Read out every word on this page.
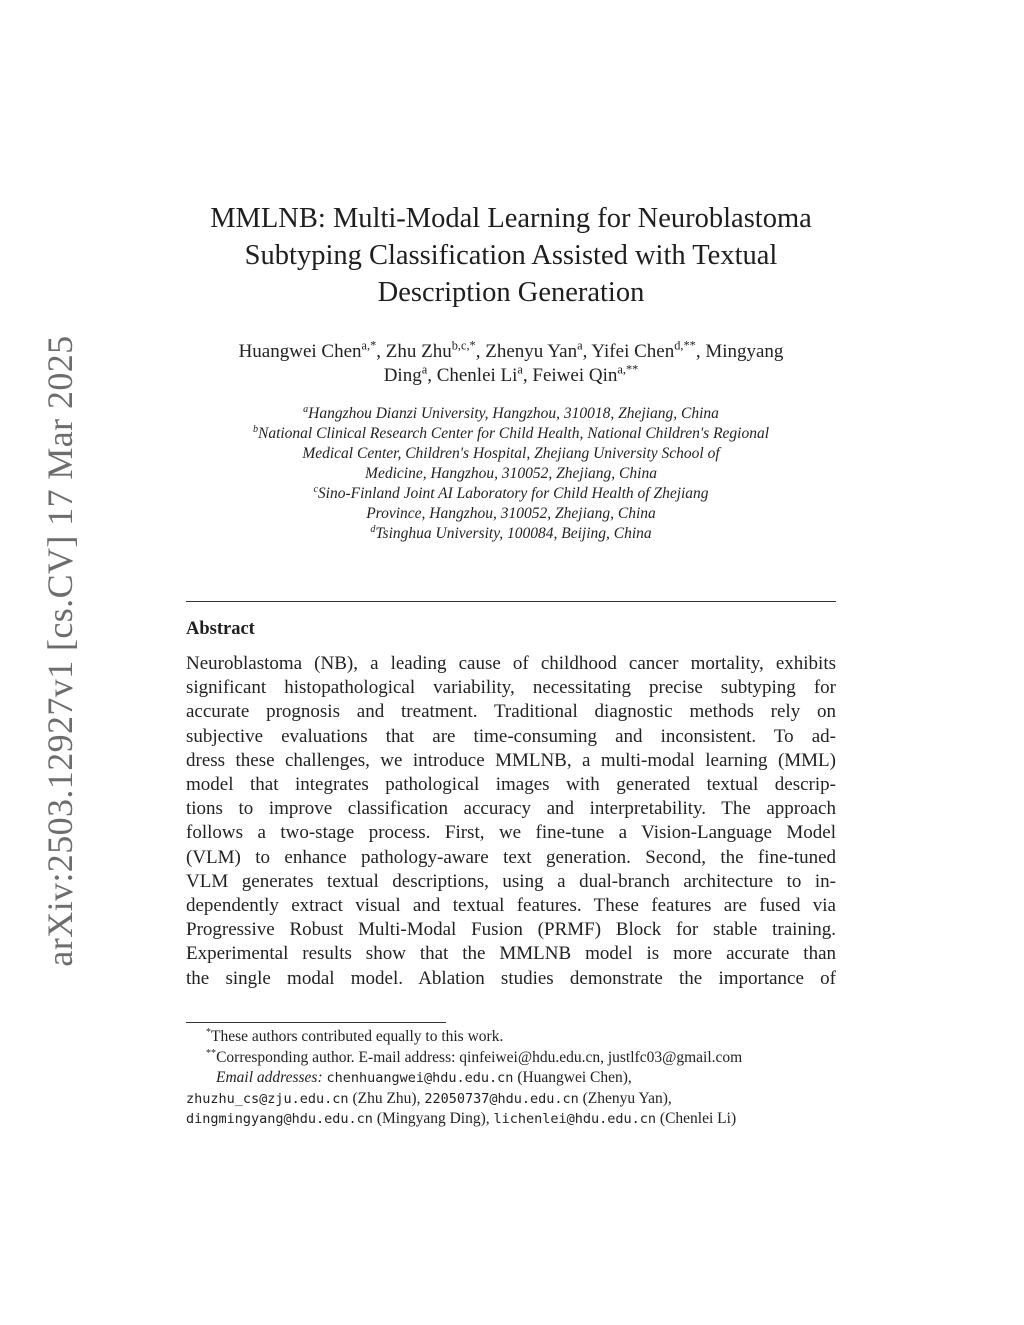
arXiv:2503.12927v1 [cs.CV] 17 Mar 2025
MMLNB: Multi-Modal Learning for Neuroblastoma
Subtyping Classification Assisted with Textual
Description Generation
Huangwei Chen$^{a,*}$, Zhu Zhu$^{b,c,*}$, Zhenyu Yan$^a$, Yifei Chen$^{d,**}$, Mingyang
Ding$^a$, Chenlei Li$^a$, Feiwei Qin$^{a,**}$
$^a$Hangzhou Dianzi University, Hangzhou, 310018, Zhejiang, China
$^b$National Clinical Research Center for Child Health, National Children's Regional
Medical Center, Children's Hospital, Zhejiang University School of
Medicine, Hangzhou, 310052, Zhejiang, China
$^c$Sino-Finland Joint AI Laboratory for Child Health of Zhejiang
Province, Hangzhou, 310052, Zhejiang, China
$^d$Tsinghua University, 100084, Beijing, China
Abstract
Neuroblastoma (NB), a leading cause of childhood cancer mortality, exhibits
significant histopathological variability, necessitating precise subtyping for
accurate prognosis and treatment. Traditional diagnostic methods rely on
subjective evaluations that are time-consuming and inconsistent. To ad-
dress these challenges, we introduce MMLNB, a multi-modal learning (MML)
model that integrates pathological images with generated textual descrip-
tions to improve classification accuracy and interpretability. The approach
follows a two-stage process. First, we fine-tune a Vision-Language Model
(VLM) to enhance pathology-aware text generation. Second, the fine-tuned
VLM generates textual descriptions, using a dual-branch architecture to in-
dependently extract visual and textual features. These features are fused via
Progressive Robust Multi-Modal Fusion (PRMF) Block for stable training.
Experimental results show that the MMLNB model is more accurate than
the single modal model. Ablation studies demonstrate the importance of
*These authors contributed equally to this work.
**Corresponding author. E-mail address: qinfeiwei@hdu.edu.cn, justlfc03@gmail.com
Email addresses: chenhuangwei@hdu.edu.cn (Huangwei Chen),
zhuzhu_cs@zju.edu.cn (Zhu Zhu), 22050737@hdu.edu.cn (Zhenyu Yan),
dingmingyang@hdu.edu.cn (Mingyang Ding), lichenlei@hdu.edu.cn (Chenlei Li)
